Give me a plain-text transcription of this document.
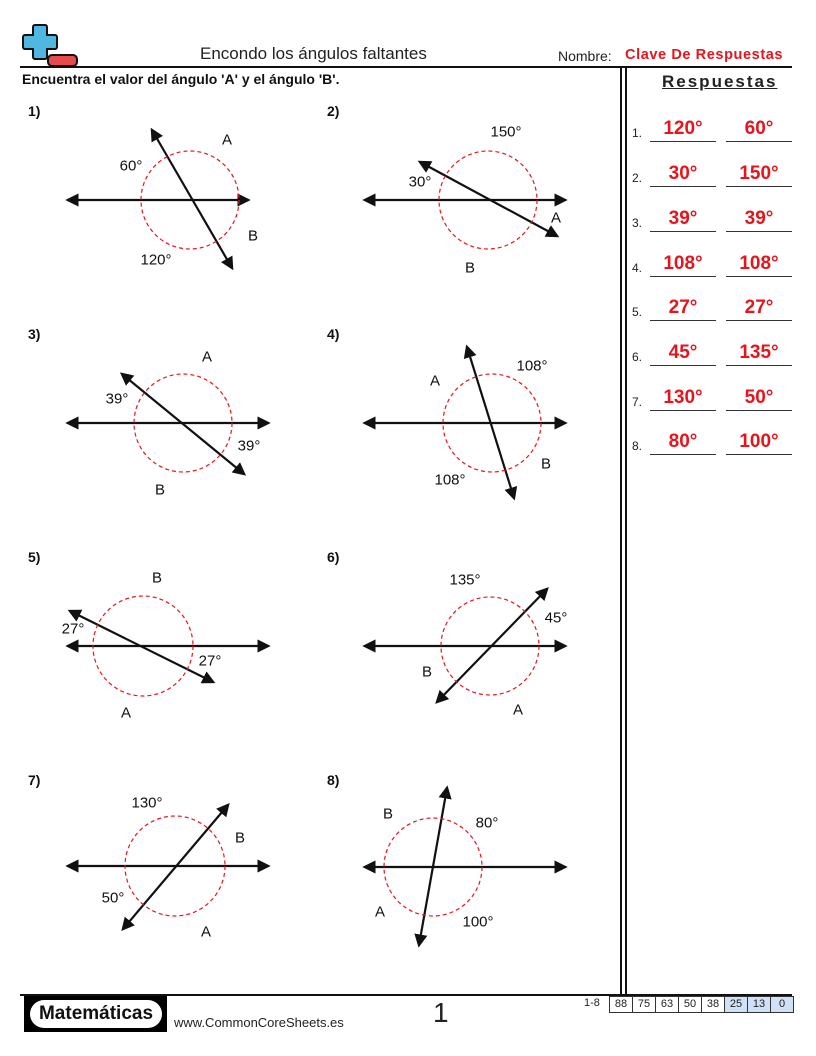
Encondo los ángulos faltantes	Nombre: Clave De Respuestas
Encuentra el valor del ángulo 'A' y el ángulo 'B'.	Respuestas
1.	120°	60°
2.	30°	150°
3.	39°	39°
4.	108°	108°
5.	27°	27°
6.	45°	135°
7.	130°	50°
8.	80°	100°
1)	2)
3)	4)
5)	6)
7)	8)
60°
A
B
120°
150°
30°
A
B
A
39°
39°
B
108°
A
B
108°
B
27°
27°
A
135°
45°
B
A
130°
B
50°
A
B
80°
A
100°
Matemáticas	www.CommonCoreSheets.es	1	1-8	88 75 63 50 38 25 13	0
